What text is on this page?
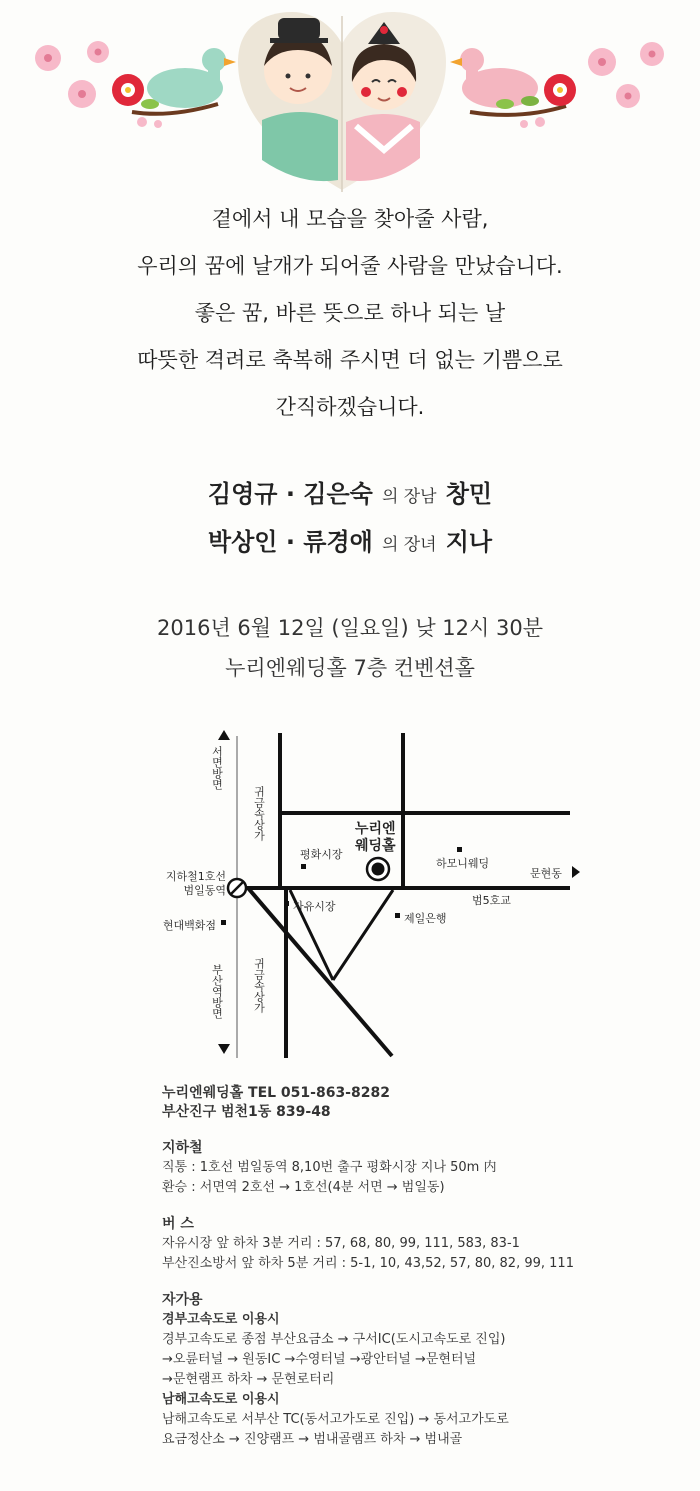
곁에서 내 모습을 찾아줄 사람,
우리의 꿈에 날개가 되어줄 사람을 만났습니다.
좋은 꿈, 바른 뜻으로 하나 되는 날
따뜻한 격려로 축복해 주시면 더 없는 기쁨으로
간직하겠습니다.
김영규 · 김은숙 의 장남 창민
박상인 · 류경애 의 장녀 지나
2016년 6월 12일 (일요일) 낮 12시 30분
누리엔웨딩홀 7층 컨벤션홀
서면방면
부산역방면
귀금속상가
귀금속상가
지하철1호선
범일동역
현대백화점
평화시장
자유시장
제일은행
하모니웨딩
문현동
범5호교
누리엔
웨딩홀
누리엔웨딩홀 TEL 051-863-8282
부산진구 범천1동 839-48
지하철
직통 : 1호선 범일동역 8,10번 출구 평화시장 지나 50m 内
환승 : 서면역 2호선 → 1호선(4분 서면 → 범일동)
버 스
자유시장 앞 하차 3분 거리 : 57, 68, 80, 99, 111, 583, 83-1
부산진소방서 앞 하차 5분 거리 : 5-1, 10, 43,52, 57, 80, 82, 99, 111
자가용
경부고속도로 이용시
경부고속도로 종점 부산요금소 → 구서IC(도시고속도로 진입)
→오륜터널 → 원동IC →수영터널 →광안터널 →문현터널
→문현램프 하차 → 문현로터리
남해고속도로 이용시
남해고속도로 서부산 TC(동서고가도로 진입) → 동서고가도로
요금정산소 → 진양램프 → 범내골램프 하차 → 범내골
